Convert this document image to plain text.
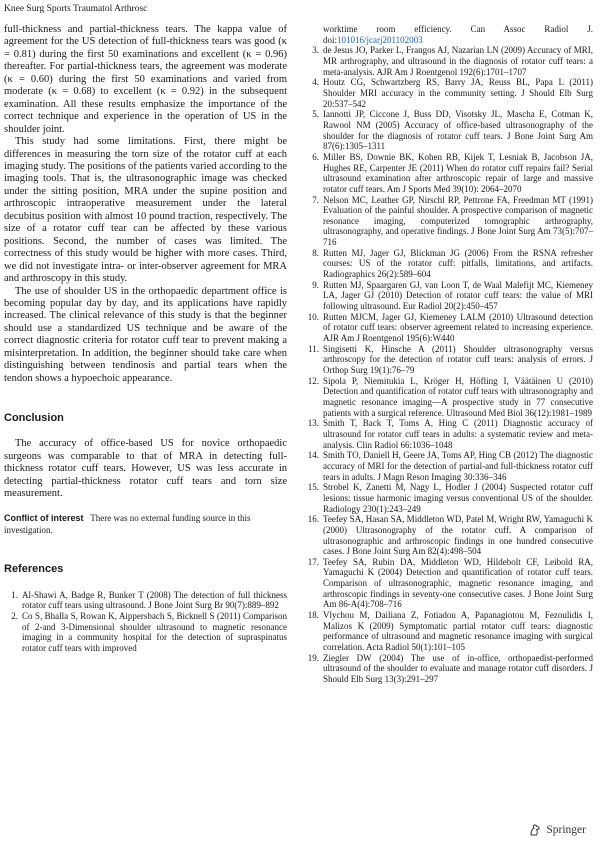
Knee Surg Sports Traumatol Arthrosc

full-thickness and partial-thickness tears. The kappa value of agreement for the US detection of full-thickness tears was good (κ = 0.81) during the first 50 examinations and excellent (κ = 0.96) thereafter. For partial-thickness tears, the agreement was moderate (κ = 0.60) during the first 50 examinations and varied from moderate (κ = 0.68) to excellent (κ = 0.92) in the subsequent examination. All these results emphasize the importance of the correct technique and experience in the operation of US in the shoulder joint.

This study had some limitations. First, there might be differences in measuring the torn size of the rotator cuff at each imaging study. The positions of the patients varied according to the imaging tools. That is, the ultrasonographic image was checked under the sitting position, MRA under the supine position and arthroscopic intraoperative measurement under the lateral decubitus position with almost 10 pound traction, respectively. The size of a rotator cuff tear can be affected by these various positions. Second, the number of cases was limited. The correctness of this study would be higher with more cases. Third, we did not investigate intra- or inter-observer agreement for MRA and arthroscopy in this study.

The use of shoulder US in the orthopaedic department office is becoming popular day by day, and its applications have rapidly increased. The clinical relevance of this study is that the beginner should use a standardized US technique and be aware of the correct diagnostic criteria for rotator cuff tear to prevent making a misinterpretation. In addition, the beginner should take care when distinguishing between tendinosis and partial tears when the tendon shows a hypoechoic appearance.

Conclusion

The accuracy of office-based US for novice orthopaedic surgeons was comparable to that of MRA in detecting full-thickness rotator cuff tears. However, US was less accurate in detecting partial-thickness rotator cuff tears and torn size measurement.

Conflict of interest There was no external funding source in this investigation.

References
1. Al-Shawi A, Badge R, Bunker T (2008) The detection of full thickness rotator cuff tears using ultrasound. J Bone Joint Surg Br 90(7):889–892
2. Co S, Bhalla S, Rowan K, Aippersbach S, Bicknell S (2011) Comparison of 2-and 3-Dimensional shoulder ultrasound to magnetic resonance imaging in a community hospital for the detection of supraspinatus rotator cuff tears with improved
worktime room efficiency. Can Assoc Radiol J. doi:101016/jcarj201102003
3. de Jesus JO, Parker L, Frangos AJ, Nazarian LN (2009) Accuracy of MRI, MR arthrography, and ultrasound in the diagnosis of rotator cuff tears: a meta-analysis. AJR Am J Roentgenol 192(6):1701–1707
4. Houtz CG, Schwartzberg RS, Barry JA, Reuss BL, Papa L (2011) Shoulder MRI accuracy in the community setting. J Should Elb Surg 20:537–542
5. Iannotti JP, Ciccone J, Buss DD, Visotsky JL, Mascha E, Cotman K, Rawool NM (2005) Accuracy of office-based ultrasonography of the shoulder for the diagnosis of rotator cuff tears. J Bone Joint Surg Am 87(6):1305–1311
6. Miller BS, Downie BK, Kohen RB, Kijek T, Lesniak B, Jacobson JA, Hughes RE, Carpenter JE (2011) When do rotator cuff repairs fail? Serial ultrasound examination after arthroscopic repair of large and massive rotator cuff tears. Am J Sports Med 39(10): 2064–2070
7. Nelson MC, Leather GP, Nirschl RP, Pettrone FA, Freedman MT (1991) Evaluation of the painful shoulder. A prospective comparison of magnetic resonance imaging, computerized tomographic arthrography, ultrasonography, and operative findings. J Bone Joint Surg Am 73(5):707–716
8. Rutten MJ, Jager GJ, Blickman JG (2006) From the RSNA refresher courses: US of the rotator cuff: pitfalls, limitations, and artifacts. Radiographics 26(2):589–604
9. Rutten MJ, Spaargaren GJ, van Loon T, de Waal Malefijt MC, Kiemeney LA, Jager GJ (2010) Detection of rotator cuff tears: the value of MRI following ultrasound. Eur Radiol 20(2):450–457
10. Rutten MJCM, Jager GJ, Kiemeney LALM (2010) Ultrasound detection of rotator cuff tears: observer agreement related to increasing experience. AJR Am J Roentgenol 195(6):W440
11. Singisetti K, Hinsche A (2011) Shoulder ultrasonography versus arthroscopy for the detection of rotator cuff tears: analysis of errors. J Orthop Surg 19(1):76–79
12. Sipola P, Niemitukia L, Kröger H, Höfling I, Väätäinen U (2010) Detection and quantification of rotator cuff tears with ultrasonography and magnetic resonance imaging—A prospective study in 77 consecutive patients with a surgical reference. Ultrasound Med Biol 36(12):1981–1989
13. Smith T, Back T, Toms A, Hing C (2011) Diagnostic accuracy of ultrasound for rotator cuff tears in adults: a systematic review and meta-analysis. Clin Radiol 66:1036–1048
14. Smith TO, Daniell H, Geere JA, Toms AP, Hing CB (2012) The diagnostic accuracy of MRI for the detection of partial-and full-thickness rotator cuff tears in adults. J Magn Reson Imaging 30:336–346
15. Strobel K, Zanetti M, Nagy L, Hodler J (2004) Suspected rotator cuff lesions: tissue harmonic imaging versus conventional US of the shoulder. Radiology 230(1):243–249
16. Teefey SA, Hasan SA, Middleton WD, Patel M, Wright RW, Yamaguchi K (2000) Ultrasonography of the rotator cuff. A comparison of ultrasonographic and arthroscopic findings in one hundred consecutive cases. J Bone Joint Surg Am 82(4):498–504
17. Teefey SA, Rubin DA, Middleton WD, Hildebolt CF, Leibold RA, Yamaguchi K (2004) Detection and quantification of rotator cuff tears. Comparison of ultrasonographic, magnetic resonance imaging, and arthroscopic findings in seventy-one consecutive cases. J Bone Joint Surg Am 86-A(4):708–716
18. Vlychou M, Dailiana Z, Fotiadou A, Papanagiotou M, Fezoulidis I, Malizos K (2009) Symptomatic partial rotator cuff tears: diagnostic performance of ultrasound and magnetic resonance imaging with surgical correlation. Acta Radiol 50(1):101–105
19. Ziegler DW (2004) The use of in-office, orthopaedist-performed ultrasound of the shoulder to evaluate and manage rotator cuff disorders. J Should Elb Surg 13(3):291–297
Springer
